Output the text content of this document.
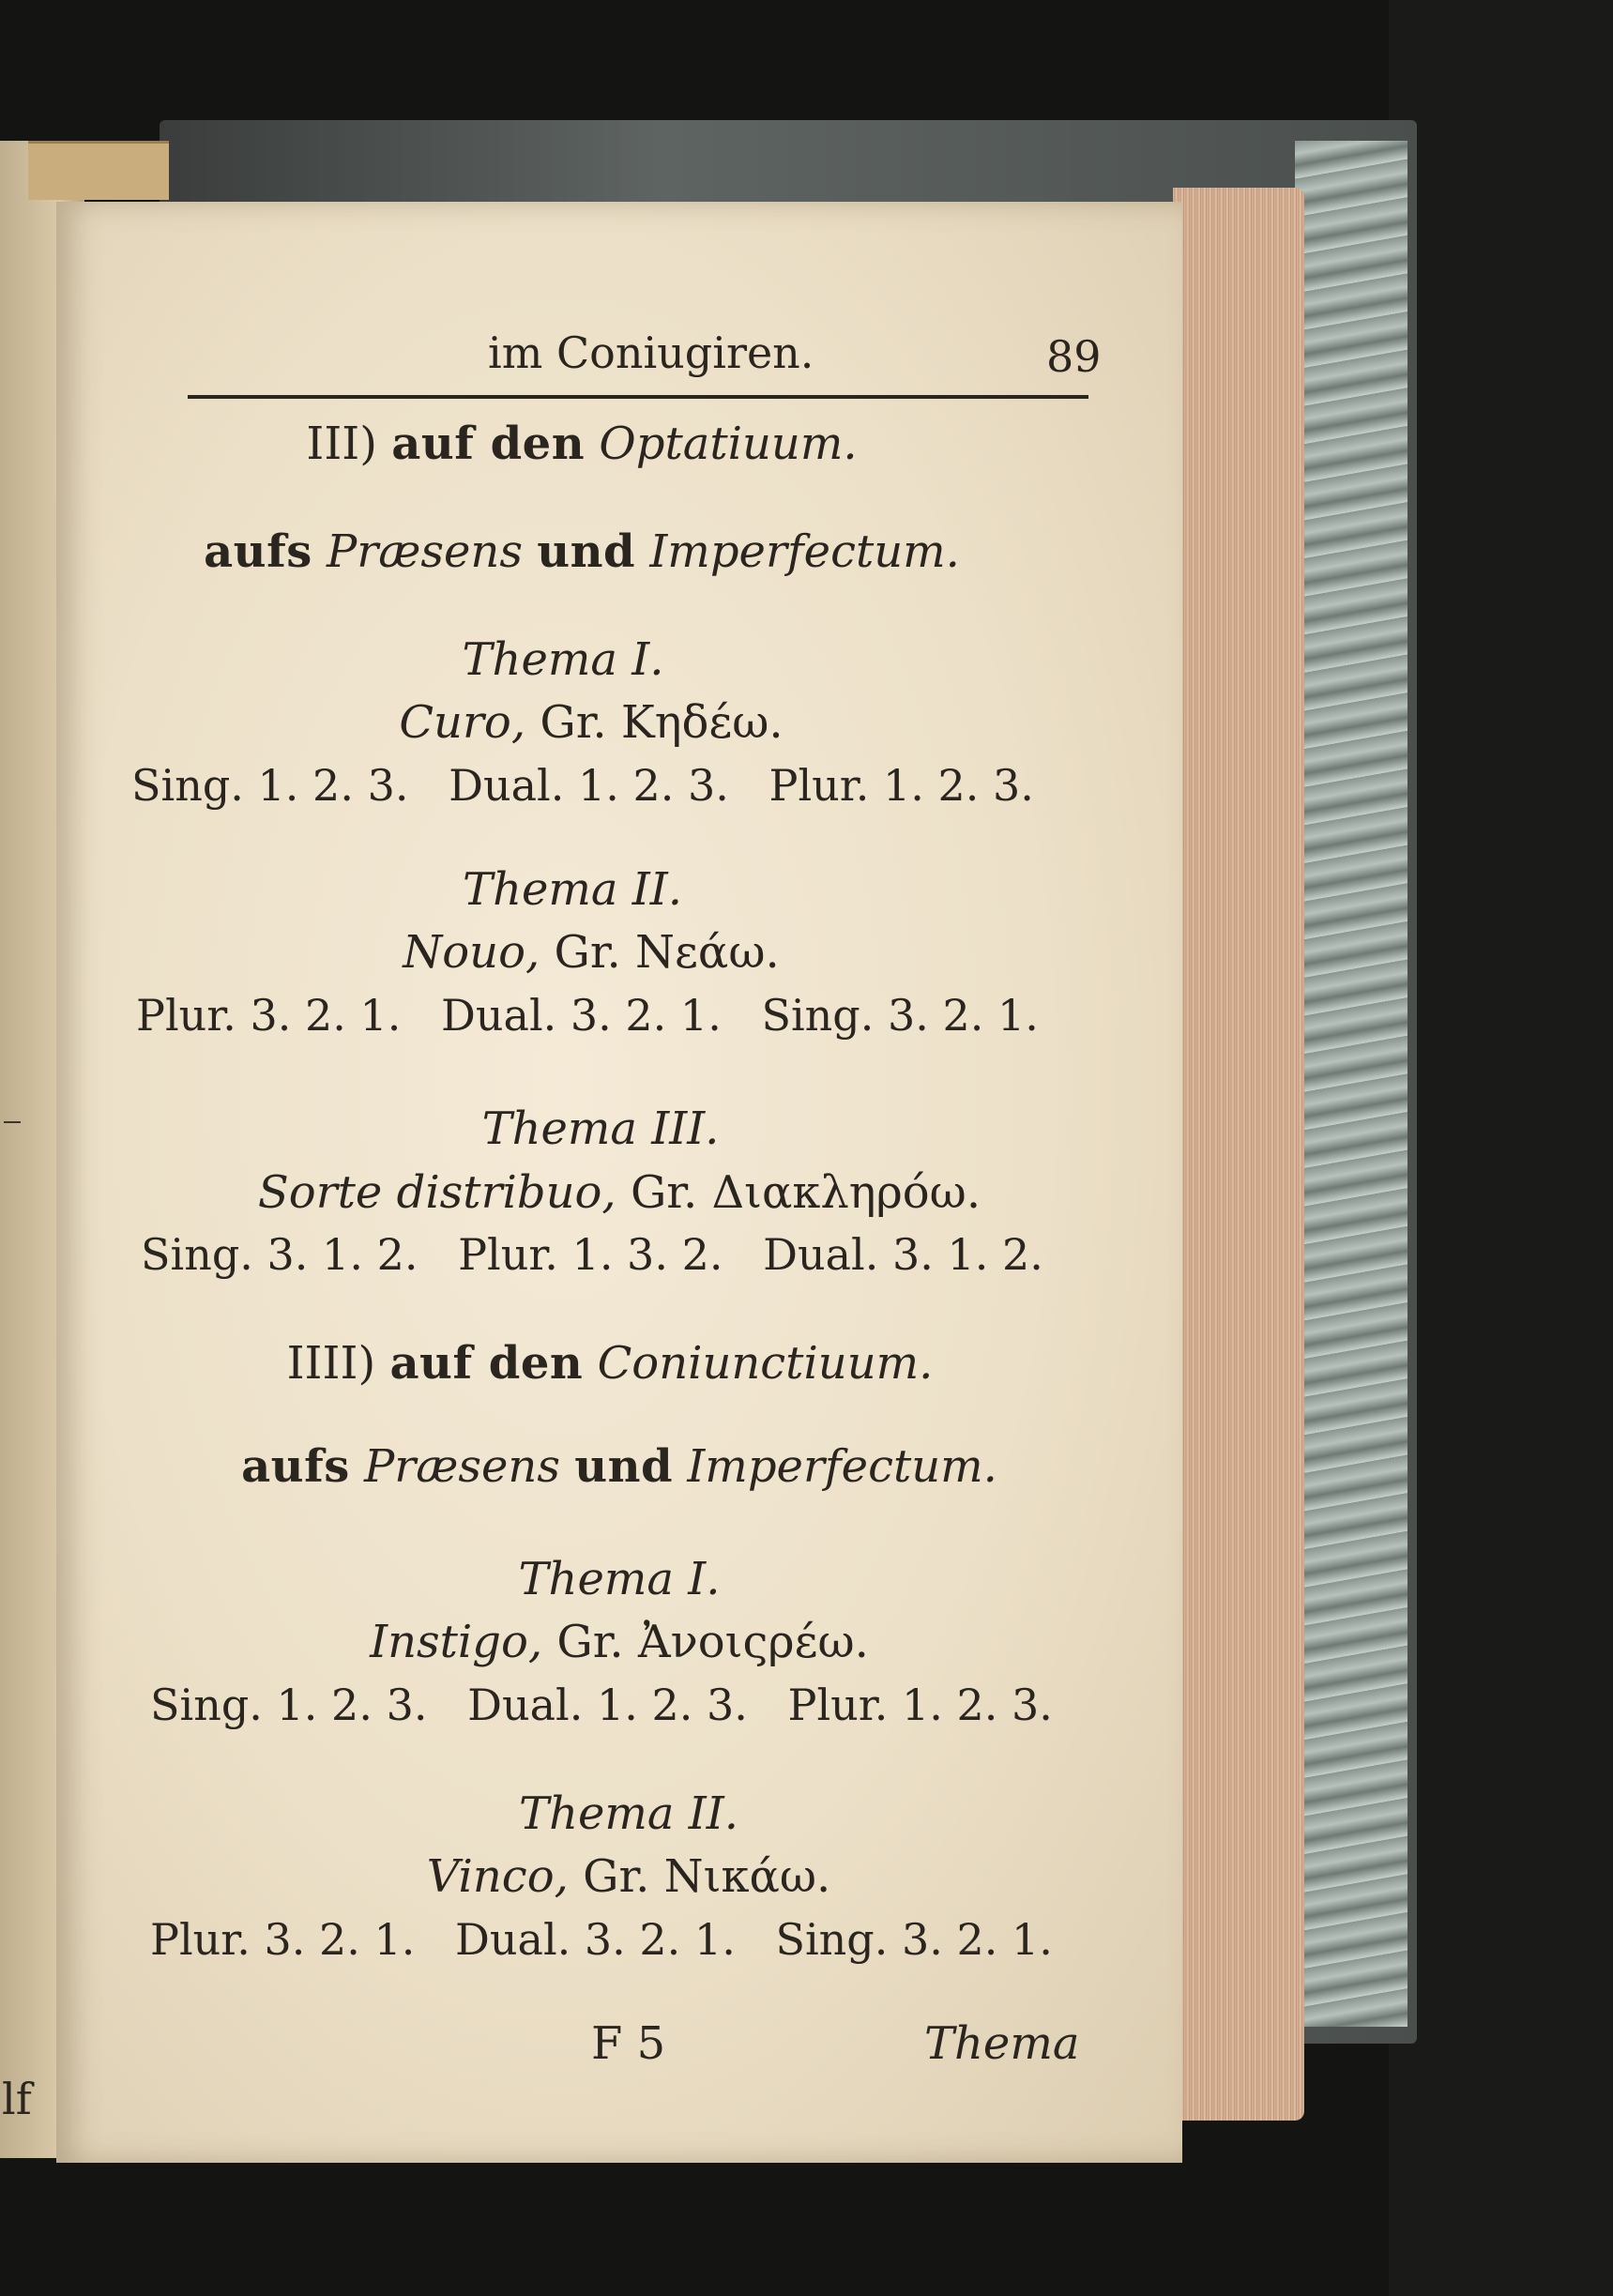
lf
im Coniugiren.	89
III) auf den Optatiuum.
aufs Præsens und Imperfectum.
Thema I.
Curo, Gr. Κηδέω.
Sing. 1. 2. 3. Dual. 1. 2. 3. Plur. 1. 2. 3.
Thema II.
Nouo, Gr. Νεάω.
Plur. 3. 2. 1. Dual. 3. 2. 1. Sing. 3. 2. 1.
Thema III.
Sorte distribuo, Gr. Διακληρόω.
Sing. 3. 1. 2. Plur. 1. 3. 2. Dual. 3. 1. 2.
IIII) auf den Coniunctiuum.
aufs Præsens und Imperfectum.
Thema I.
Instigo, Gr. Ἀνοιςρέω.
Sing. 1. 2. 3. Dual. 1. 2. 3. Plur. 1. 2. 3.
Thema II.
Vinco, Gr. Νικάω.
Plur. 3. 2. 1. Dual. 3. 2. 1. Sing. 3. 2. 1.
F 5	Thema
